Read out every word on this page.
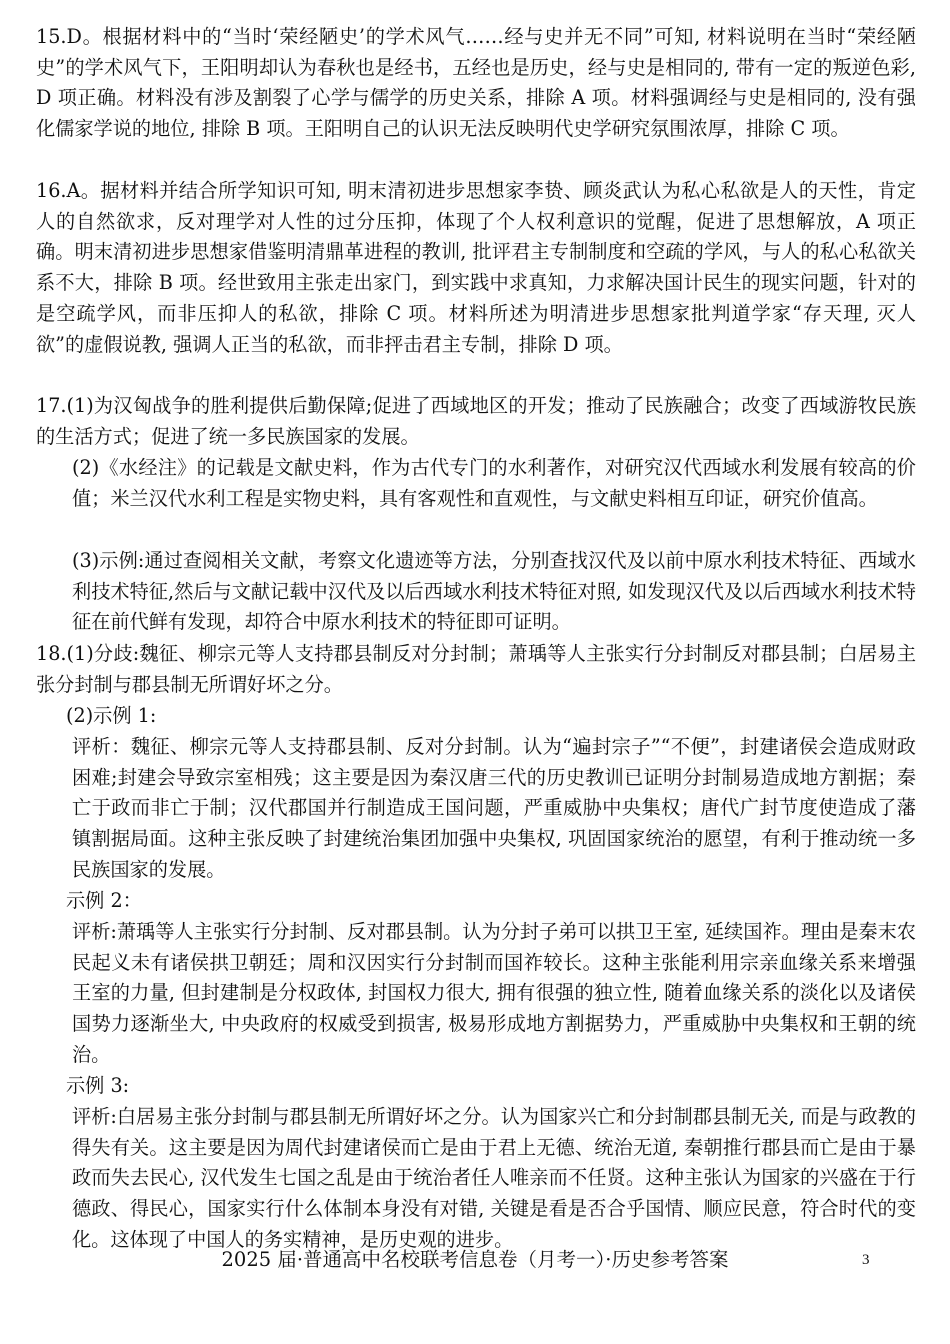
15.D。根据材料中的“当时‘荣经陋史’的学术风气……经与史并无不同”可知, 材料说明在当时“荣经陋史”的学术风气下，王阳明却认为春秋也是经书，五经也是历史，经与史是相同的, 带有一定的叛逆色彩,D 项正确。材料没有涉及割裂了心学与儒学的历史关系，排除 A 项。材料强调经与史是相同的, 没有强化儒家学说的地位, 排除 B 项。王阳明自己的认识无法反映明代史学研究氛围浓厚，排除 C 项。

16.A。据材料并结合所学知识可知, 明末清初进步思想家李贽、顾炎武认为私心私欲是人的天性，肯定人的自然欲求，反对理学对人性的过分压抑，体现了个人权利意识的觉醒，促进了思想解放，A 项正确。明末清初进步思想家借鉴明清鼎革进程的教训, 批评君主专制制度和空疏的学风，与人的私心私欲关系不大，排除 B 项。经世致用主张走出家门，到实践中求真知，力求解决国计民生的现实问题，针对的是空疏学风，而非压抑人的私欲，排除 C 项。材料所述为明清进步思想家批判道学家“存天理, 灭人欲”的虚假说教, 强调人正当的私欲，而非抨击君主专制，排除 D 项。

17.(1)为汉匈战争的胜利提供后勤保障;促进了西域地区的开发；推动了民族融合；改变了西域游牧民族的生活方式；促进了统一多民族国家的发展。

(2)《水经注》的记载是文献史料，作为古代专门的水利著作，对研究汉代西域水利发展有较高的价值；米兰汉代水利工程是实物史料，具有客观性和直观性，与文献史料相互印证，研究价值高。

(3)示例:通过查阅相关文献，考察文化遗迹等方法，分别查找汉代及以前中原水利技术特征、西域水利技术特征,然后与文献记载中汉代及以后西域水利技术特征对照, 如发现汉代及以后西域水利技术特征在前代鲜有发现，却符合中原水利技术的特征即可证明。

18.(1)分歧:魏征、柳宗元等人支持郡县制反对分封制；萧瑀等人主张实行分封制反对郡县制；白居易主张分封制与郡县制无所谓好坏之分。

(2)示例 1:

评析：魏征、柳宗元等人支持郡县制、反对分封制。认为“遍封宗子”“不便”，封建诸侯会造成财政困难;封建会导致宗室相残；这主要是因为秦汉唐三代的历史教训已证明分封制易造成地方割据；秦亡于政而非亡于制；汉代郡国并行制造成王国问题，严重威胁中央集权；唐代广封节度使造成了藩镇割据局面。这种主张反映了封建统治集团加强中央集权, 巩固国家统治的愿望，有利于推动统一多民族国家的发展。

示例 2：

评析:萧瑀等人主张实行分封制、反对郡县制。认为分封子弟可以拱卫王室, 延续国祚。理由是秦末农民起义未有诸侯拱卫朝廷；周和汉因实行分封制而国祚较长。这种主张能利用宗亲血缘关系来增强王室的力量, 但封建制是分权政体, 封国权力很大, 拥有很强的独立性, 随着血缘关系的淡化以及诸侯国势力逐渐坐大, 中央政府的权威受到损害, 极易形成地方割据势力，严重威胁中央集权和王朝的统治。

示例 3:

评析:白居易主张分封制与郡县制无所谓好坏之分。认为国家兴亡和分封制郡县制无关, 而是与政教的得失有关。这主要是因为周代封建诸侯而亡是由于君上无德、统治无道, 秦朝推行郡县而亡是由于暴政而失去民心, 汉代发生七国之乱是由于统治者任人唯亲而不任贤。这种主张认为国家的兴盛在于行德政、得民心，国家实行什么体制本身没有对错, 关键是看是否合乎国情、顺应民意，符合时代的变化。这体现了中国人的务实精神，是历史观的进步。

2025 届·普通高中名校联考信息卷（月考一）·历史参考答案	3
